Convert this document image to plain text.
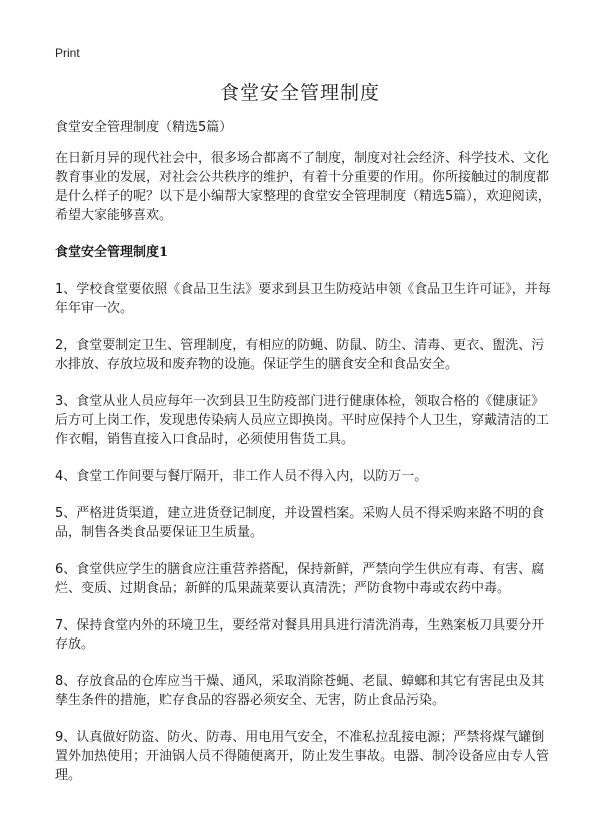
Print
食堂安全管理制度

食堂安全管理制度（精选5篇）

在日新月异的现代社会中，很多场合都离不了制度，制度对社会经济、科学技术、文化教育事业的发展，对社会公共秩序的维护，有着十分重要的作用。你所接触过的制度都是什么样子的呢？以下是小编帮大家整理的食堂安全管理制度（精选5篇），欢迎阅读，希望大家能够喜欢。

食堂安全管理制度1

1、学校食堂要依照《食品卫生法》要求到县卫生防疫站申领《食品卫生许可证》，并每年年审一次。

2，食堂要制定卫生、管理制度，有相应的防蝇、防鼠、防尘、清毒、更衣、盥洗、污水排放、存放垃圾和废弃物的设施。保证学生的膳食安全和食品安全。

3、食堂从业人员应每年一次到县卫生防疫部门进行健康体检，领取合格的《健康证》后方可上岗工作，发现患传染病人员应立即换岗。平时应保持个人卫生，穿戴清洁的工作衣帽，销售直接入口食品时，必须使用售货工具。

4、食堂工作间要与餐厅隔开，非工作人员不得入内，以防万一。

5、严格进货渠道，建立进货登记制度，并设置档案。采购人员不得采购来路不明的食品，制售各类食品要保证卫生质量。

6、食堂供应学生的膳食应注重营养搭配，保持新鲜，严禁向学生供应有毒、有害、腐烂、变质、过期食品；新鲜的瓜果蔬菜要认真清洗；严防食物中毒或农药中毒。

7、保持食堂内外的环境卫生，要经常对餐具用具进行清洗消毒，生熟案板刀具要分开存放。

8、存放食品的仓库应当干燥、通风，采取消除苍蝇、老鼠、蟑螂和其它有害昆虫及其孳生条件的措施，贮存食品的容器必须安全、无害，防止食品污染。

9、认真做好防盗、防火、防毒、用电用气安全，不准私拉乱接电源；严禁将煤气罐倒置外加热使用；开油锅人员不得随便离开，防止发生事故。电器、制冷设备应由专人管理。
